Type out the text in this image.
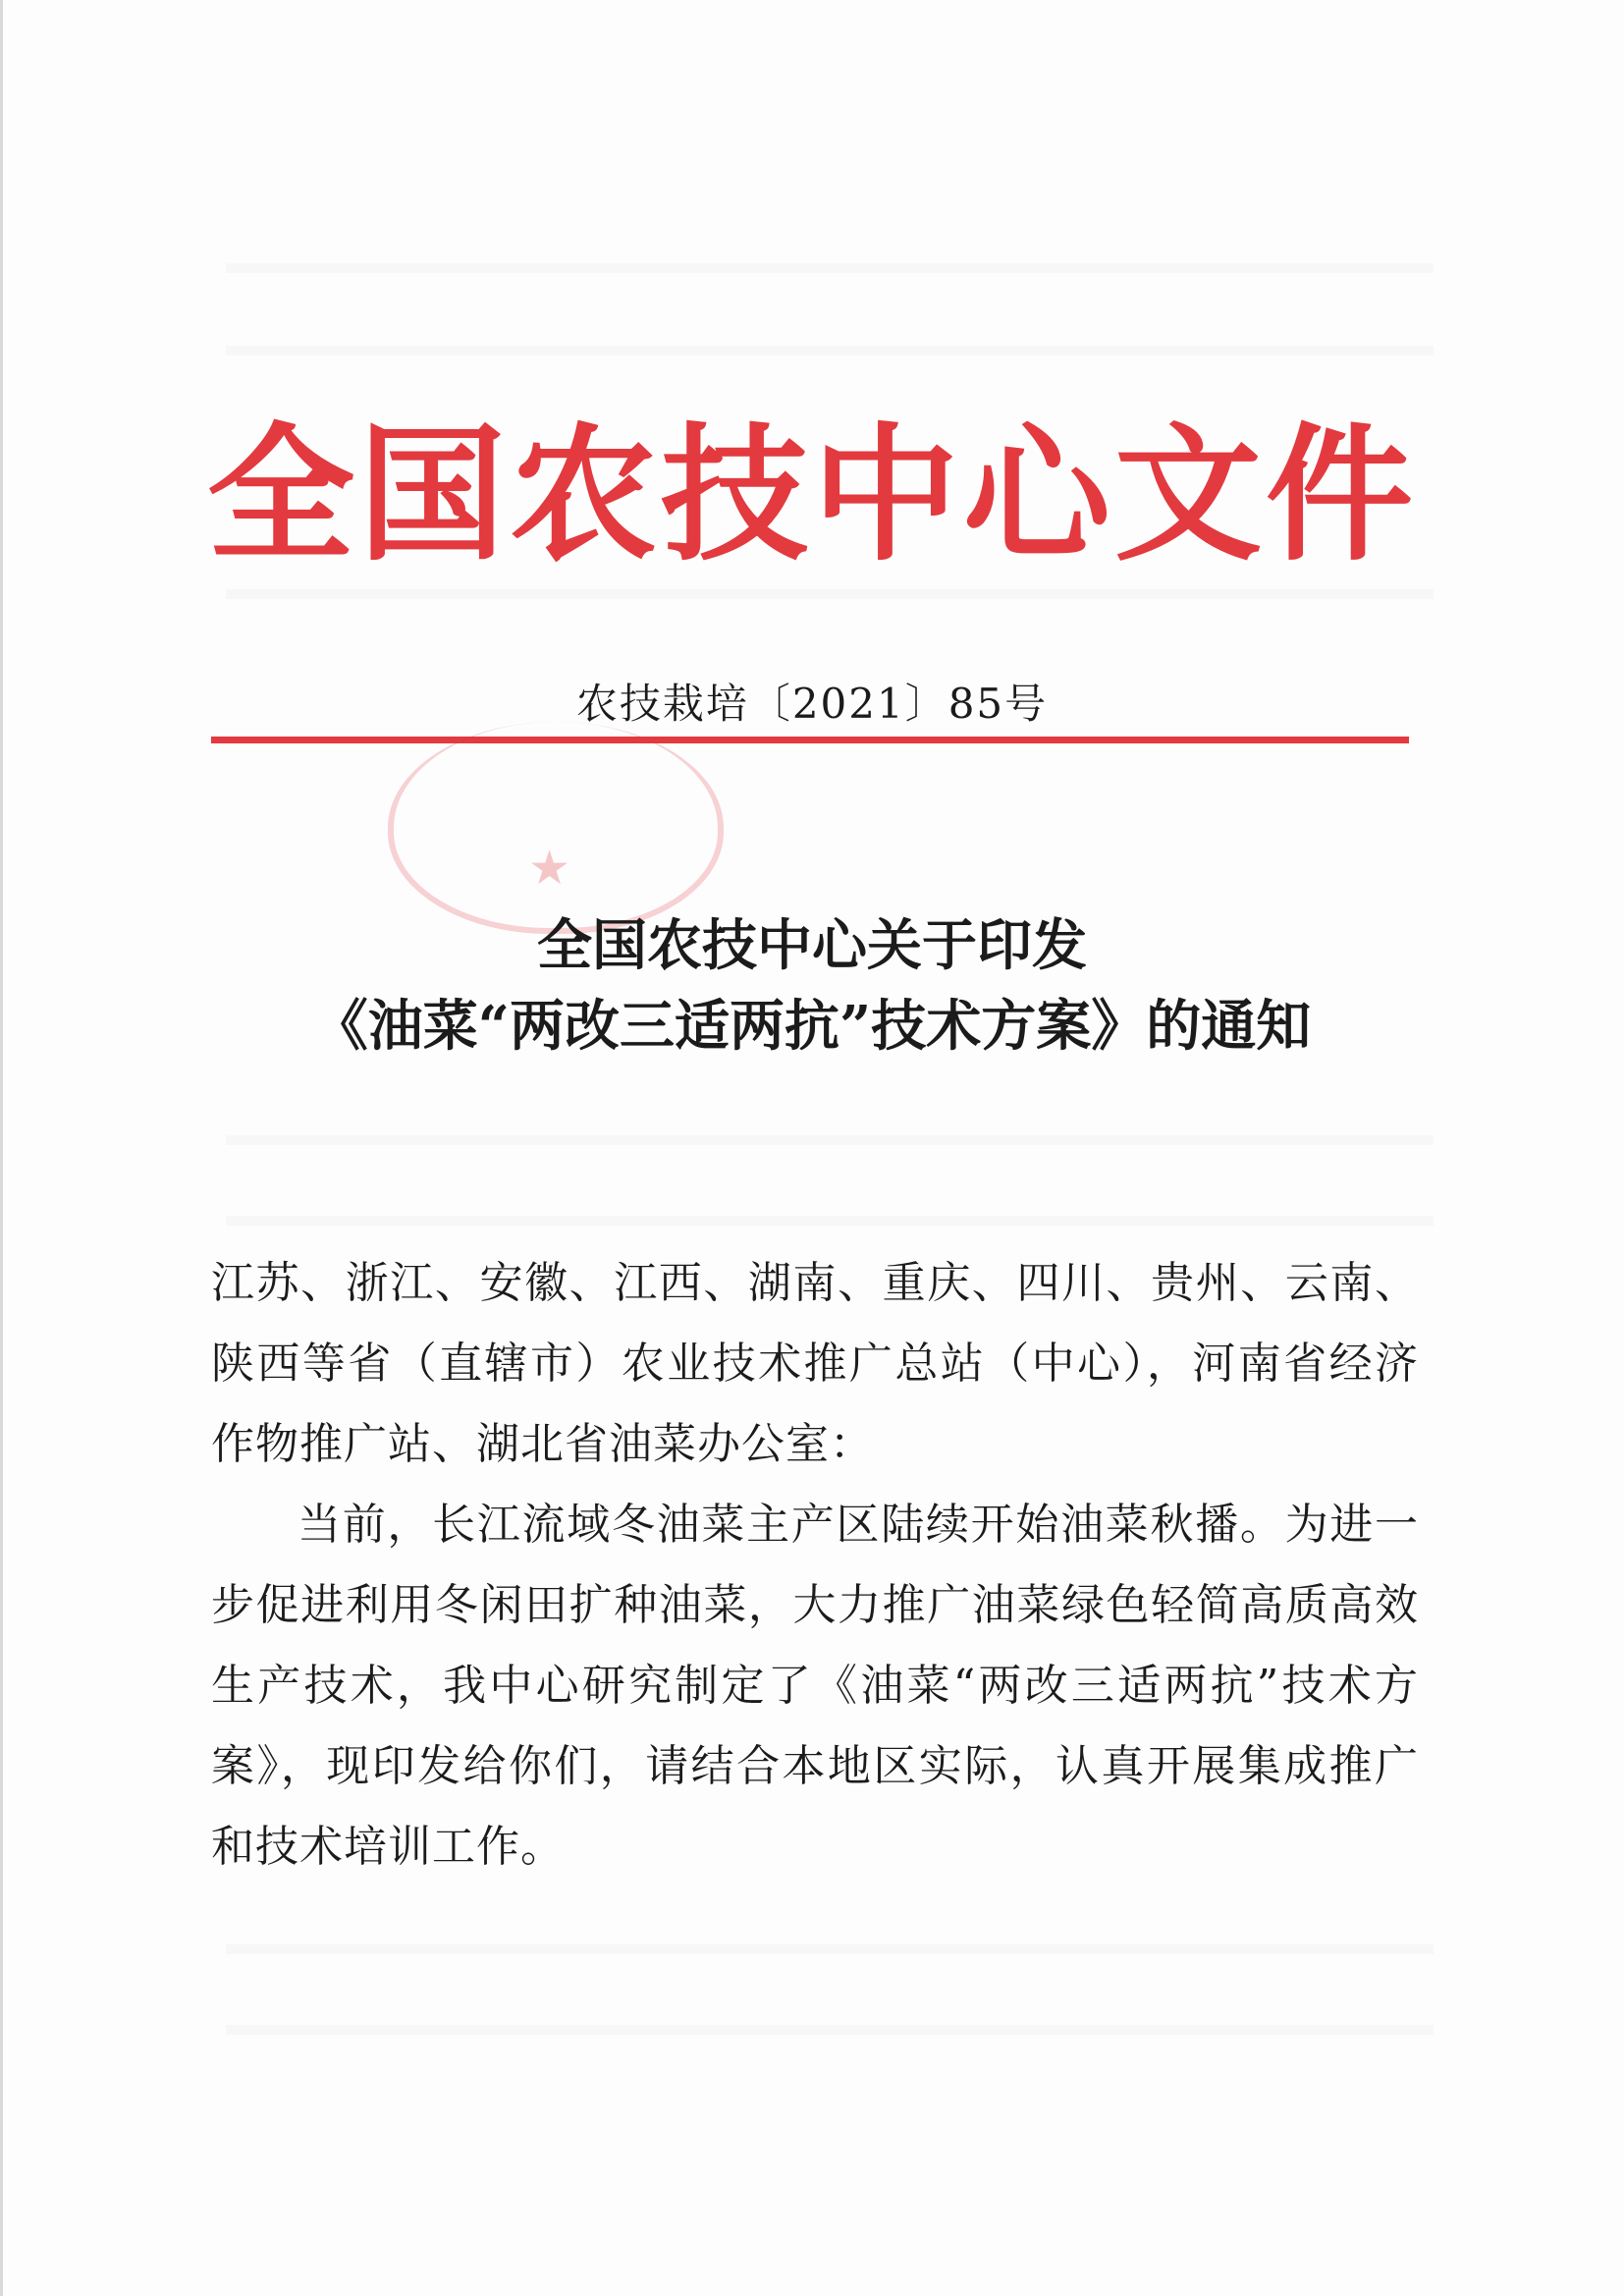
全国农技中心文件
农技栽培〔2021〕85号
★
全国农技中心关于印发
《油菜“两改三适两抗”技术方案》的通知

江苏、浙江、安徽、江西、湖南、重庆、四川、贵州、云南、陕西等省（直辖市）农业技术推广总站（中心），河南省经济作物推广站、湖北省油菜办公室：

当前，长江流域冬油菜主产区陆续开始油菜秋播。为进一步促进利用冬闲田扩种油菜，大力推广油菜绿色轻简高质高效生产技术，我中心研究制定了《油菜“两改三适两抗”技术方案》，现印发给你们，请结合本地区实际，认真开展集成推广和技术培训工作。
